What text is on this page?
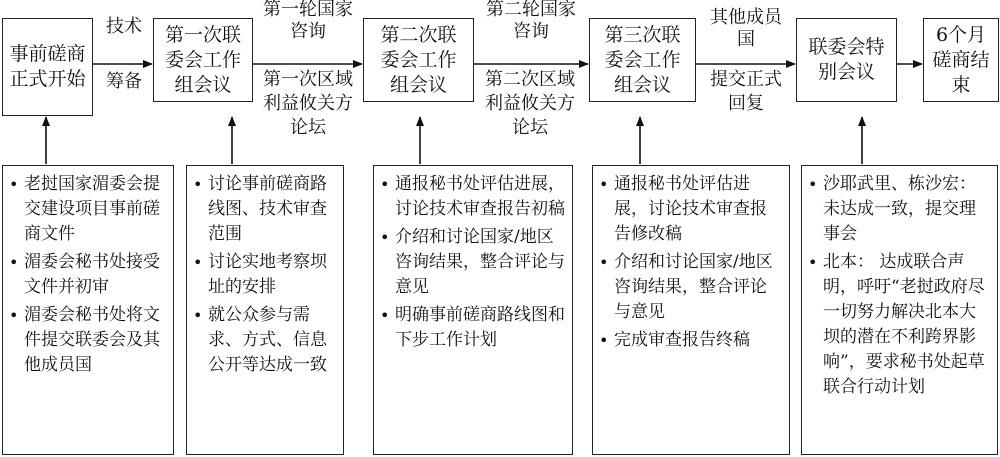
事前磋商正式开始
第一次联委会工作组会议
第二次联委会工作组会议
第三次联委会工作组会议
联委会特别会议
6个月磋商结束
技术
筹备
第一轮国家咨询
第一次区域利益攸关方论坛
第二轮国家咨询
第二次区域利益攸关方论坛
其他成员国
提交正式回复
• 老挝国家湄委会提交建设项目事前磋商文件
• 湄委会秘书处接受文件并初审
• 湄委会秘书处将文件提交联委会及其他成员国
• 讨论事前磋商路线图、技术审查范围
• 讨论实地考察坝址的安排
• 就公众参与需求、方式、信息公开等达成一致
• 通报秘书处评估进展，讨论技术审查报告初稿
• 介绍和讨论国家/地区咨询结果，整合评论与意见
• 明确事前磋商路线图和下步工作计划
• 通报秘书处评估进展，讨论技术审查报告修改稿
• 介绍和讨论国家/地区咨询结果，整合评论与意见
• 完成审查报告终稿
• 沙耶武里、栋沙宏：未达成一致，提交理事会
• 北本： 达成联合声明，呼吁“老挝政府尽一切努力解决北本大坝的潜在不利跨界影响”，要求秘书处起草联合行动计划
